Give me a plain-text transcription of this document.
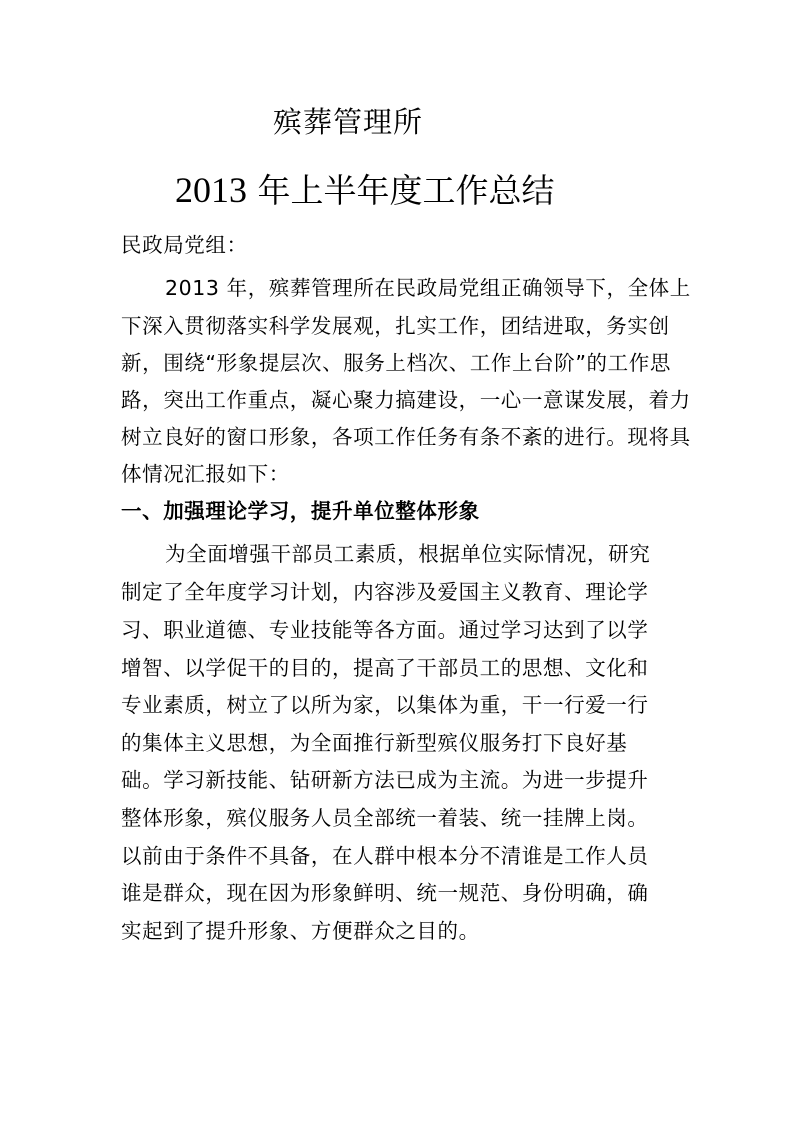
殡葬管理所
2013 年上半年度工作总结
民政局党组：
2013 年，殡葬管理所在民政局党组正确领导下，全体上
下深入贯彻落实科学发展观，扎实工作，团结进取，务实创
新，围绕“形象提层次、服务上档次、工作上台阶”的工作思
路，突出工作重点，凝心聚力搞建设，一心一意谋发展，着力
树立良好的窗口形象，各项工作任务有条不紊的进行。现将具
体情况汇报如下：
一、加强理论学习，提升单位整体形象
为全面增强干部员工素质，根据单位实际情况，研究
制定了全年度学习计划，内容涉及爱国主义教育、理论学
习、职业道德、专业技能等各方面。通过学习达到了以学
增智、以学促干的目的，提高了干部员工的思想、文化和
专业素质，树立了以所为家，以集体为重，干一行爱一行
的集体主义思想，为全面推行新型殡仪服务打下良好基
础。学习新技能、钻研新方法已成为主流。为进一步提升
整体形象，殡仪服务人员全部统一着装、统一挂牌上岗。
以前由于条件不具备，在人群中根本分不清谁是工作人员
谁是群众，现在因为形象鲜明、统一规范、身份明确，确
实起到了提升形象、方便群众之目的。
